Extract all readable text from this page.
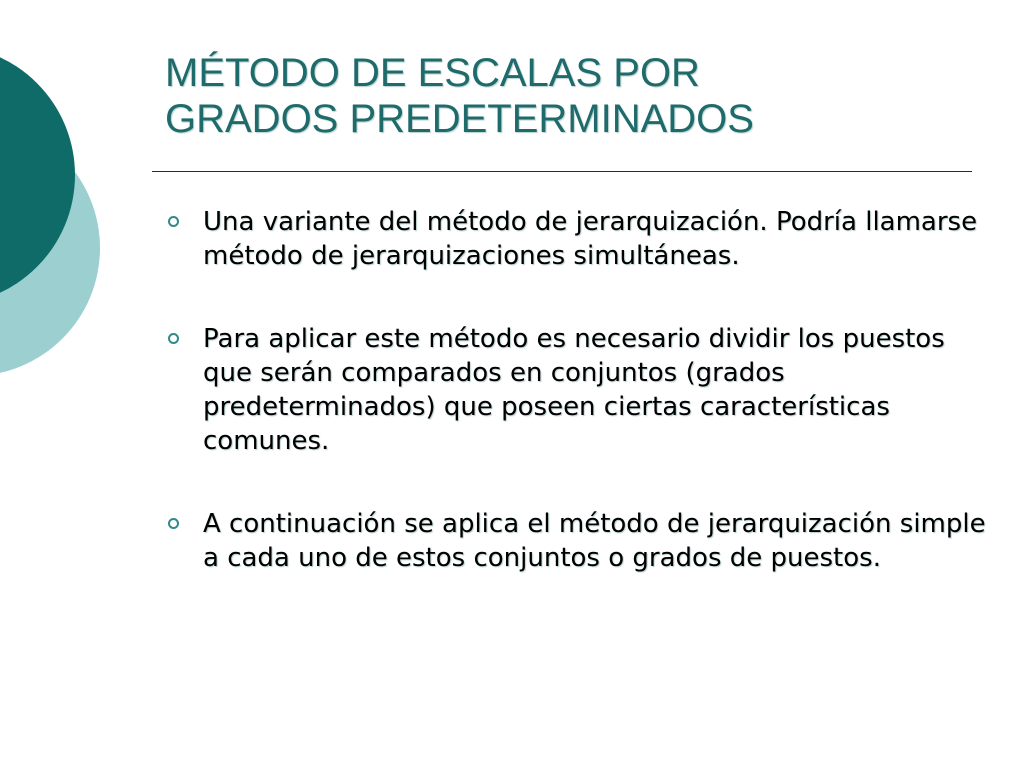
MÉTODO DE ESCALAS POR
GRADOS PREDETERMINADOS
Una variante del método de jerarquización. Podría llamarse método de jerarquizaciones simultáneas.
Para aplicar este método es necesario dividir los puestos que serán comparados en conjuntos (grados predeterminados) que poseen ciertas características comunes.
A continuación se aplica el método de jerarquización simple a cada uno de estos conjuntos o grados de puestos.
